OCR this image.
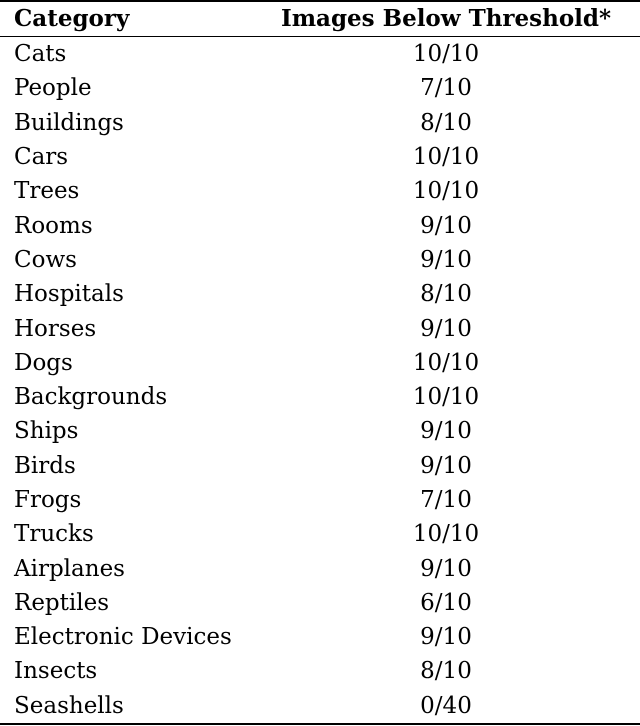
Category	Images Below Threshold*
Cats	10/10
People	7/10
Buildings	8/10
Cars	10/10
Trees	10/10
Rooms	9/10
Cows	9/10
Hospitals	8/10
Horses	9/10
Dogs	10/10
Backgrounds	10/10
Ships	9/10
Birds	9/10
Frogs	7/10
Trucks	10/10
Airplanes	9/10
Reptiles	6/10
Electronic Devices	9/10
Insects	8/10
Seashells	0/40
